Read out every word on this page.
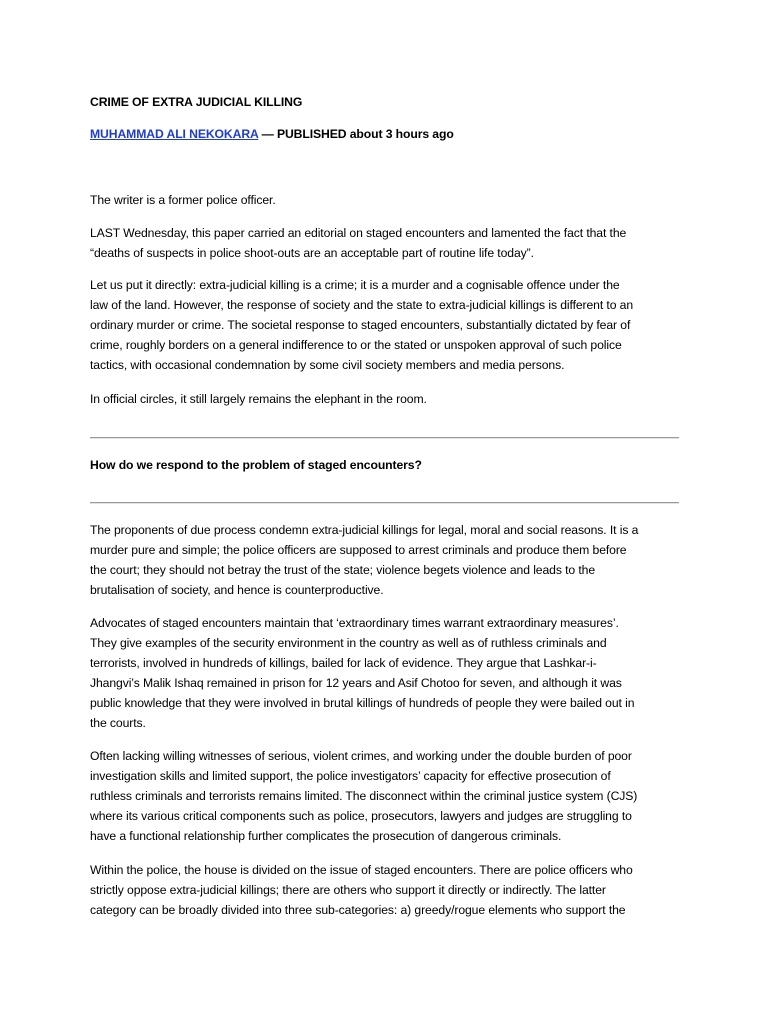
CRIME OF EXTRA JUDICIAL KILLING
MUHAMMAD ALI NEKOKARA — PUBLISHED about 3 hours ago
The writer is a former police officer.
LAST Wednesday, this paper carried an editorial on staged encounters and lamented the fact that the
“deaths of suspects in police shoot-outs are an acceptable part of routine life today”.
Let us put it directly: extra-judicial killing is a crime; it is a murder and a cognisable offence under the
law of the land. However, the response of society and the state to extra-judicial killings is different to an
ordinary murder or crime. The societal response to staged encounters, substantially dictated by fear of
crime, roughly borders on a general indifference to or the stated or unspoken approval of such police
tactics, with occasional condemnation by some civil society members and media persons.
In official circles, it still largely remains the elephant in the room.
How do we respond to the problem of staged encounters?
The proponents of due process condemn extra-judicial killings for legal, moral and social reasons. It is a
murder pure and simple; the police officers are supposed to arrest criminals and produce them before
the court; they should not betray the trust of the state; violence begets violence and leads to the
brutalisation of society, and hence is counterproductive.
Advocates of staged encounters maintain that ‘extraordinary times warrant extraordinary measures’.
They give examples of the security environment in the country as well as of ruthless criminals and
terrorists, involved in hundreds of killings, bailed for lack of evidence. They argue that Lashkar-i-
Jhangvi’s Malik Ishaq remained in prison for 12 years and Asif Chotoo for seven, and although it was
public knowledge that they were involved in brutal killings of hundreds of people they were bailed out in
the courts.
Often lacking willing witnesses of serious, violent crimes, and working under the double burden of poor
investigation skills and limited support, the police investigators’ capacity for effective prosecution of
ruthless criminals and terrorists remains limited. The disconnect within the criminal justice system (CJS)
where its various critical components such as police, prosecutors, lawyers and judges are struggling to
have a functional relationship further complicates the prosecution of dangerous criminals.
Within the police, the house is divided on the issue of staged encounters. There are police officers who
strictly oppose extra-judicial killings; there are others who support it directly or indirectly. The latter
category can be broadly divided into three sub-categories: a) greedy/rogue elements who support the
